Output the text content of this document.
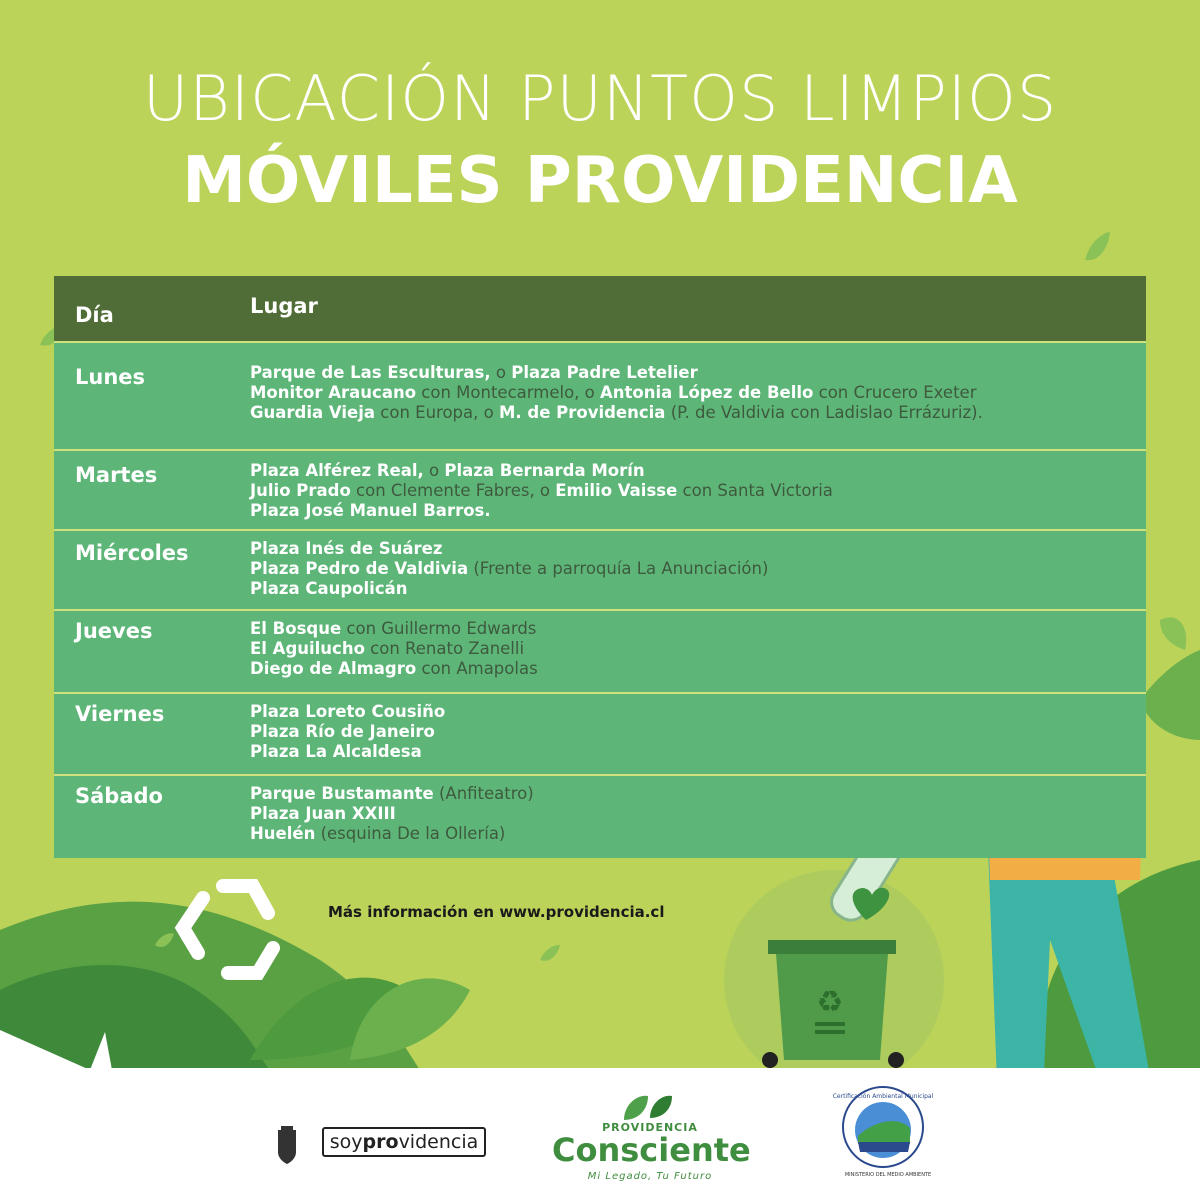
♻
UBICACIÓN PUNTOS LIMPIOS
MÓVILES PROVIDENCIA
Día	Lugar
Lunes	Parque de Las Esculturas, o Plaza Padre Letelier
Monitor Araucano con Montecarmelo, o Antonia López de Bello con Crucero Exeter
Guardia Vieja con Europa, o M. de Providencia (P. de Valdivia con Ladislao Errázuriz).
Martes	Plaza Alférez Real, o Plaza Bernarda Morín
Julio Prado con Clemente Fabres, o Emilio Vaisse con Santa Victoria
Plaza José Manuel Barros.
Miércoles	Plaza Inés de Suárez
Plaza Pedro de Valdivia (Frente a parroquía La Anunciación)
Plaza Caupolicán
Jueves	El Bosque con Guillermo Edwards
El Aguilucho con Renato Zanelli
Diego de Almagro con Amapolas
Viernes	Plaza Loreto Cousiño
Plaza Río de Janeiro
Plaza La Alcaldesa
Sábado	Parque Bustamante (Anfiteatro)
Plaza Juan XXIII
Huelén (esquina De la Ollería)
Más información en www.providencia.cl
Certificación Ambiental Municipal
soy pro videncia
PROVIDENCIA
Consciente
Mi Legado, Tu Futuro	MINISTERIO DEL MEDIO AMBIENTE
